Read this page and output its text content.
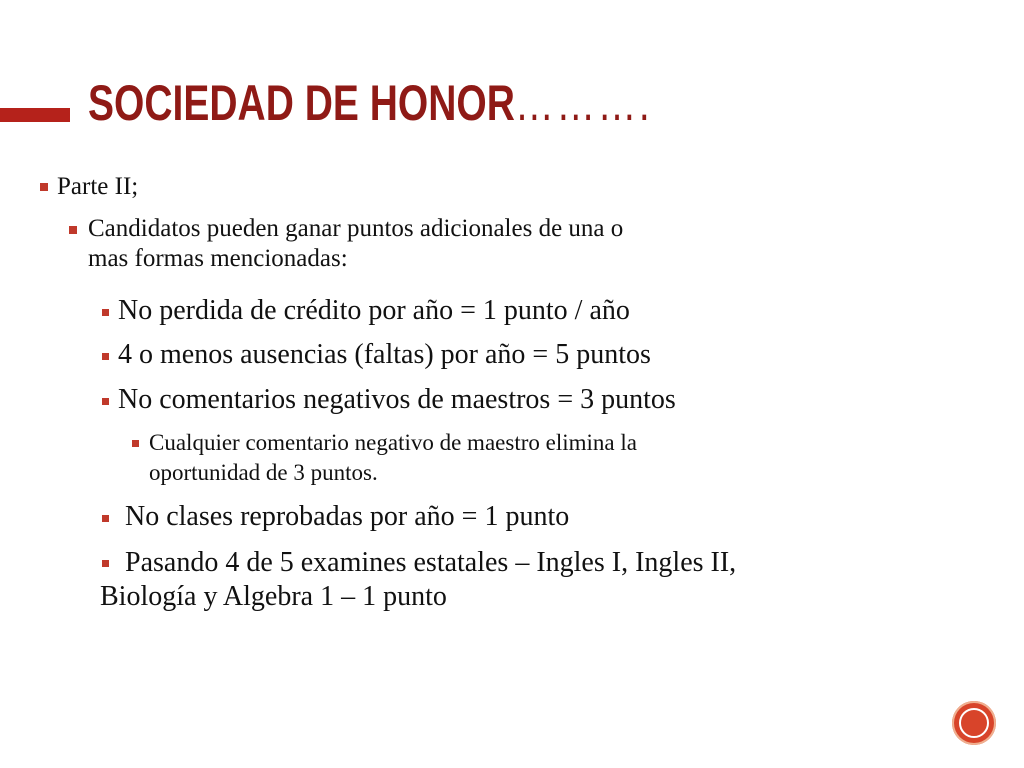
SOCIEDAD DE HONOR……….
Parte II;
Candidatos pueden ganar puntos adicionales de una o
mas formas mencionadas:
No perdida de crédito por año = 1 punto / año
4 o menos ausencias (faltas) por año = 5 puntos
No comentarios negativos de maestros = 3 puntos
Cualquier comentario negativo de maestro elimina la
oportunidad de 3 puntos.
No clases reprobadas por año = 1 punto
Pasando 4 de 5 examines estatales – Ingles I, Ingles II,
Biología y Algebra 1 – 1 punto
